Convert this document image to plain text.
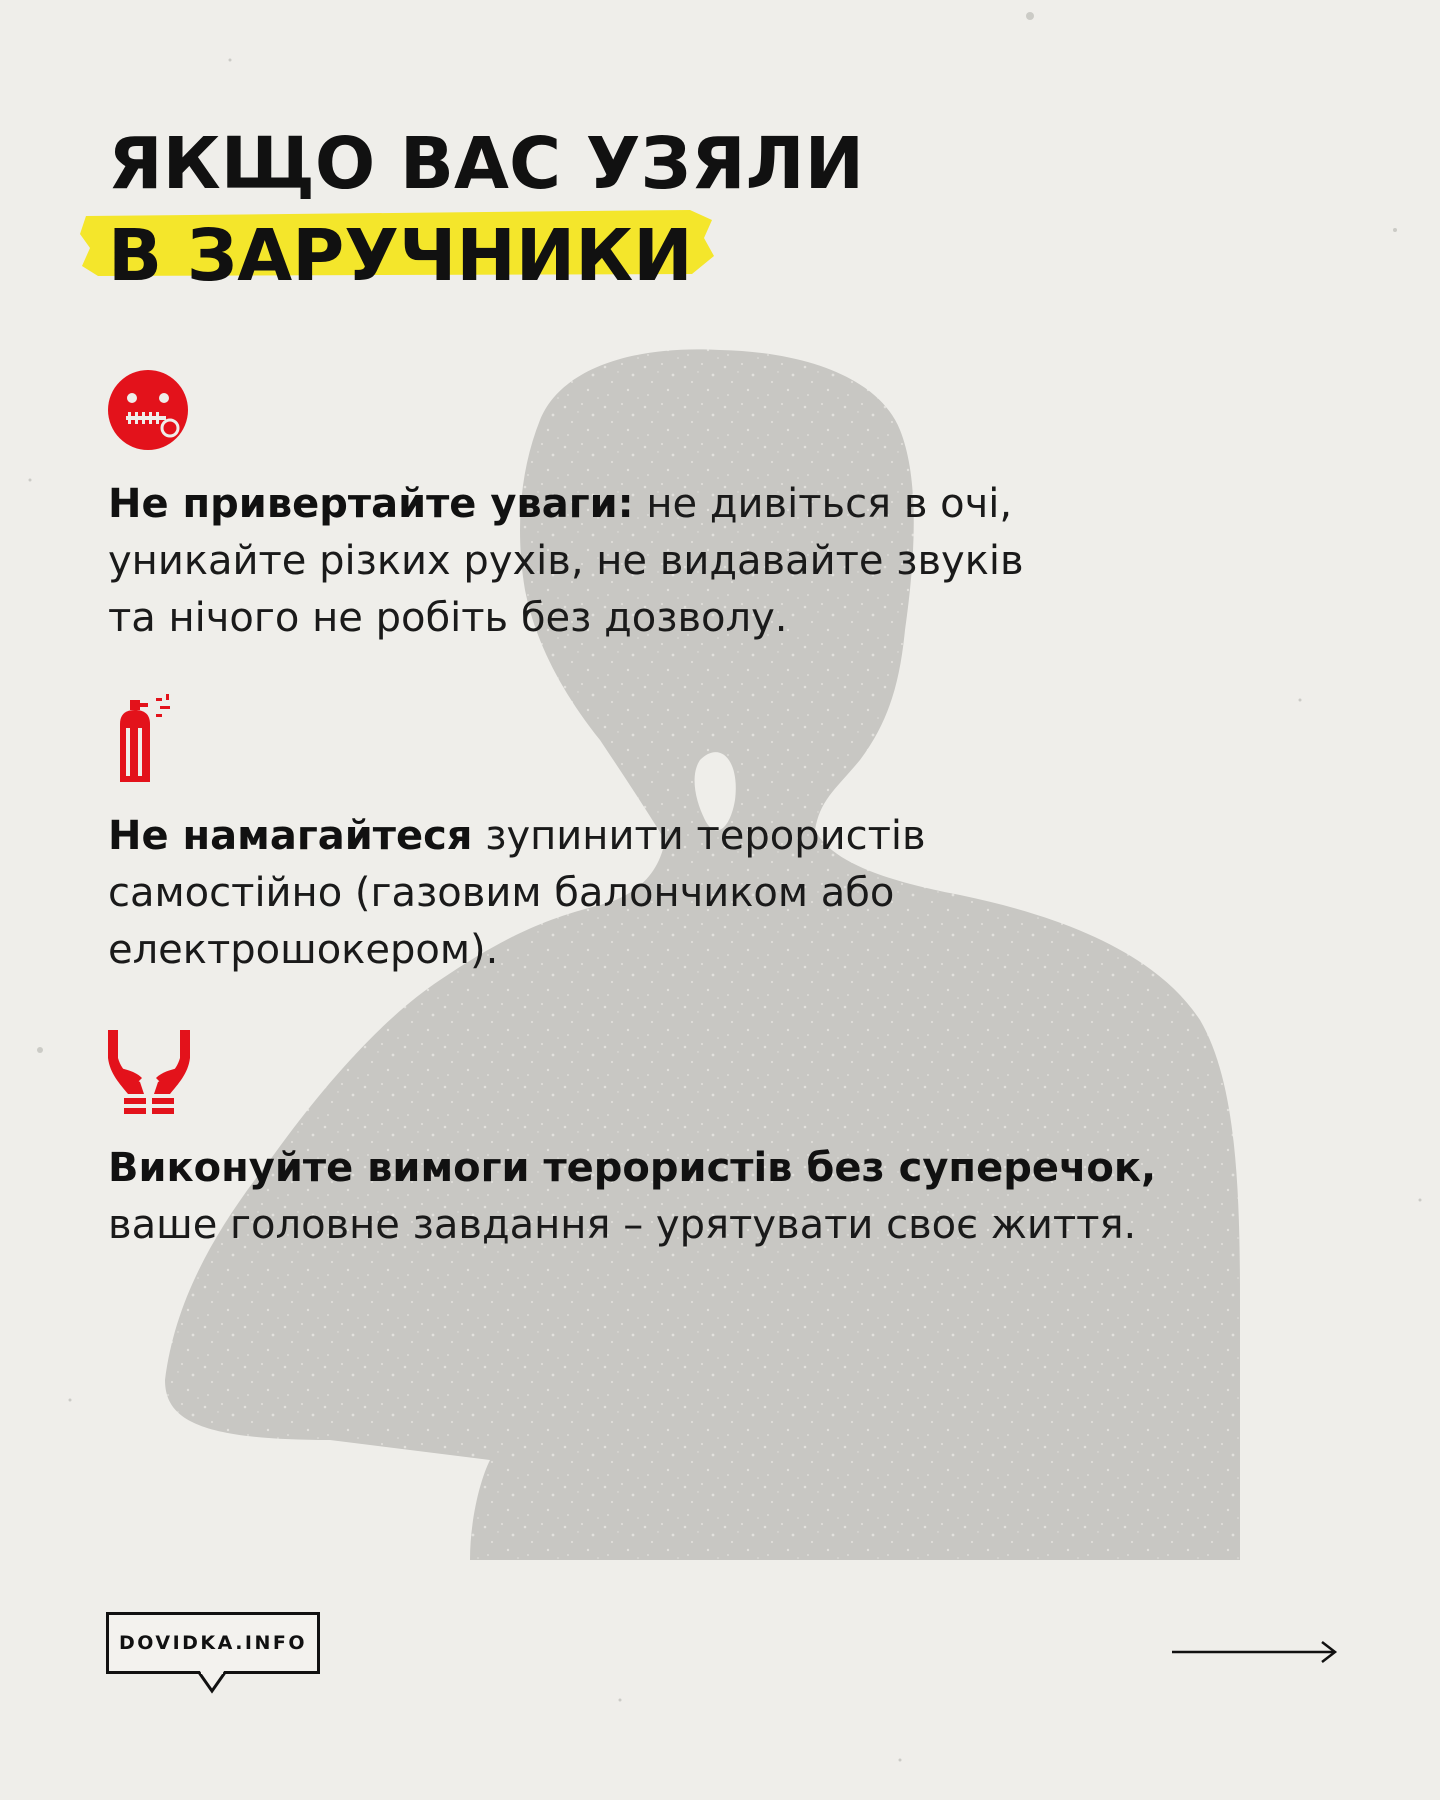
ЯКЩО ВАС УЗЯЛИ
В ЗАРУЧНИКИ

Не привертайте уваги: не дивіться в очі,
уникайте різких рухів, не видавайте звуків
та нічого не робіть без дозволу.

Не намагайтеся зупинити терористів
самостійно (газовим балончиком або
електрошокером).

Виконуйте вимоги терористів без суперечок,
ваше головне завдання – урятувати своє життя.

DOVIDKA.INFO
